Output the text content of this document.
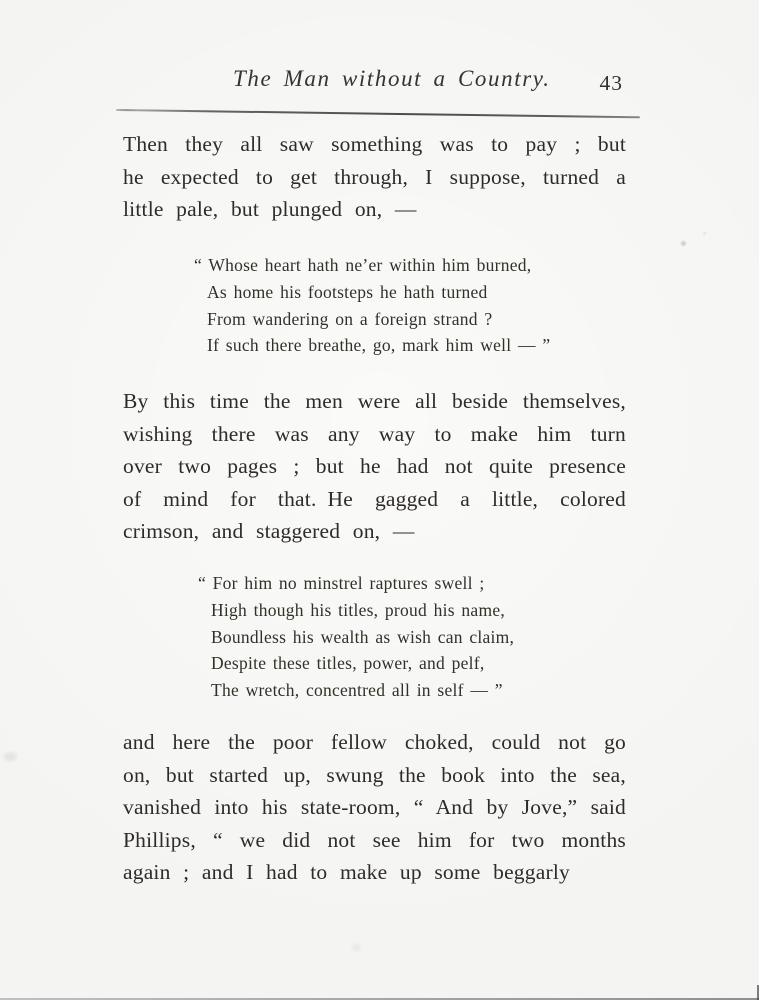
The Man without a Country. 43
Then they all saw something was to pay ; but
he expected to get through, I suppose, turned a
little pale, but plunged on, —
“ Whose heart hath ne’er within him burned,
As home his footsteps he hath turned
From wandering on a foreign strand ?
If such there breathe, go, mark him well — ”
By this time the men were all beside themselves,
wishing there was any way to make him turn
over two pages ; but he had not quite presence
of mind for that. He gagged a little, colored
crimson, and staggered on, —
“ For him no minstrel raptures swell ;
High though his titles, proud his name,
Boundless his wealth as wish can claim,
Despite these titles, power, and pelf,
The wretch, concentred all in self — ”
and here the poor fellow choked, could not go
on, but started up, swung the book into the sea,
vanished into his state-room, “ And by Jove,” said
Phillips, “ we did not see him for two months
again ; and I had to make up some beggarly
